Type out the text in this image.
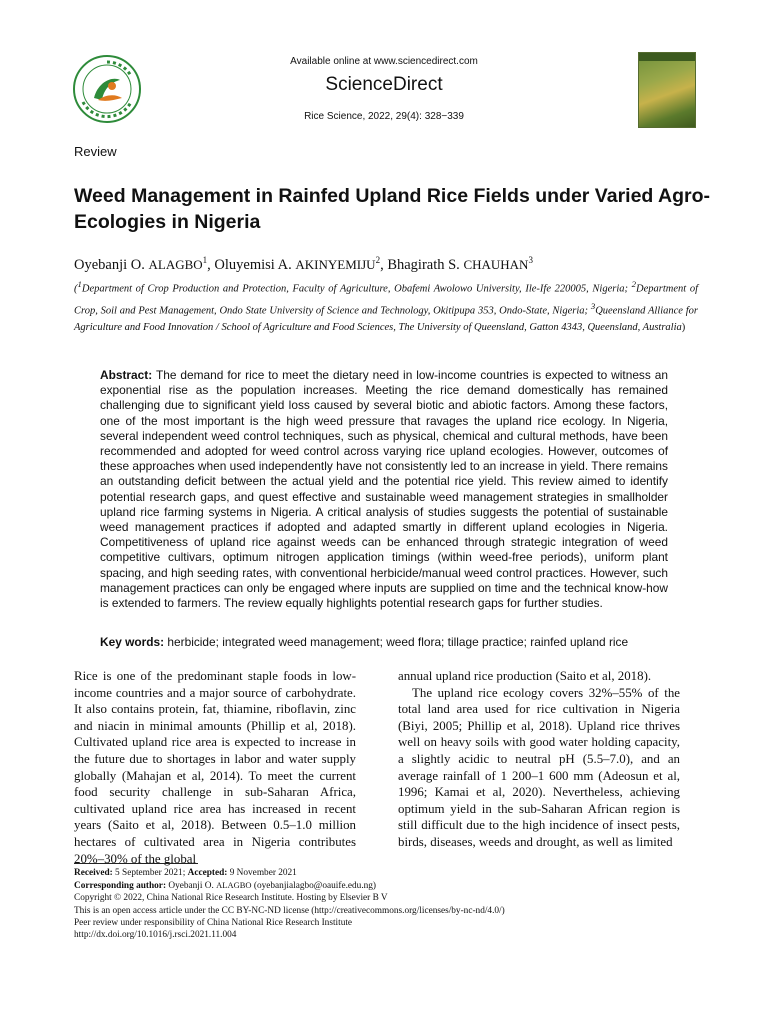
Available online at www.sciencedirect.com
ScienceDirect
Rice Science, 2022, 29(4): 328−339
Review
Weed Management in Rainfed Upland Rice Fields under Varied Agro-Ecologies in Nigeria
Oyebanji O. ALAGBO$^1$, Oluyemisi A. AKINYEMIJU$^2$, Bhagirath S. CHAUHAN$^3$
($^1$Department of Crop Production and Protection, Faculty of Agriculture, Obafemi Awolowo University, Ile-Ife 220005, Nigeria; $^2$Department of Crop, Soil and Pest Management, Ondo State University of Science and Technology, Okitipupa 353, Ondo-State, Nigeria; $^3$Queensland Alliance for Agriculture and Food Innovation / School of Agriculture and Food Sciences, The University of Queensland, Gatton 4343, Queensland, Australia)
Abstract: The demand for rice to meet the dietary need in low-income countries is expected to witness an exponential rise as the population increases. Meeting the rice demand domestically has remained challenging due to significant yield loss caused by several biotic and abiotic factors. Among these factors, one of the most important is the high weed pressure that ravages the upland rice ecology. In Nigeria, several independent weed control techniques, such as physical, chemical and cultural methods, have been recommended and adopted for weed control across varying rice upland ecologies. However, outcomes of these approaches when used independently have not consistently led to an increase in yield. There remains an outstanding deficit between the actual yield and the potential rice yield. This review aimed to identify potential research gaps, and quest effective and sustainable weed management strategies in smallholder upland rice farming systems in Nigeria. A critical analysis of studies suggests the potential of sustainable weed management practices if adopted and adapted smartly in different upland ecologies in Nigeria. Competitiveness of upland rice against weeds can be enhanced through strategic integration of weed competitive cultivars, optimum nitrogen application timings (within weed-free periods), uniform plant spacing, and high seeding rates, with conventional herbicide/manual weed control practices. However, such management practices can only be engaged where inputs are supplied on time and the technical know-how is extended to farmers. The review equally highlights potential research gaps for further studies.
Key words: herbicide; integrated weed management; weed flora; tillage practice; rainfed upland rice
Rice is one of the predominant staple foods in low-income countries and a major source of carbohydrate. It also contains protein, fat, thiamine, riboflavin, zinc and niacin in minimal amounts (Phillip et al, 2018). Cultivated upland rice area is expected to increase in the future due to shortages in labor and water supply globally (Mahajan et al, 2014). To meet the current food security challenge in sub-Saharan Africa, cultivated upland rice area has increased in recent years (Saito et al, 2018). Between 0.5–1.0 million hectares of cultivated area in Nigeria contributes 20%–30% of the global

annual upland rice production (Saito et al, 2018).

The upland rice ecology covers 32%–55% of the total land area used for rice cultivation in Nigeria (Biyi, 2005; Phillip et al, 2018). Upland rice thrives well on heavy soils with good water holding capacity, a slightly acidic to neutral pH (5.5–7.0), and an average rainfall of 1 200–1 600 mm (Adeosun et al, 1996; Kamai et al, 2020). Nevertheless, achieving optimum yield in the sub-Saharan African region is still difficult due to the high incidence of insect pests, birds, diseases, weeds and drought, as well as limited

Received: 5 September 2021; Accepted: 9 November 2021
Corresponding author: Oyebanji O. ALAGBO (oyebanjialagbo@oauife.edu.ng)
Copyright © 2022, China National Rice Research Institute. Hosting by Elsevier B V
This is an open access article under the CC BY-NC-ND license (http://creativecommons.org/licenses/by-nc-nd/4.0/)
Peer review under responsibility of China National Rice Research Institute
http://dx.doi.org/10.1016/j.rsci.2021.11.004
